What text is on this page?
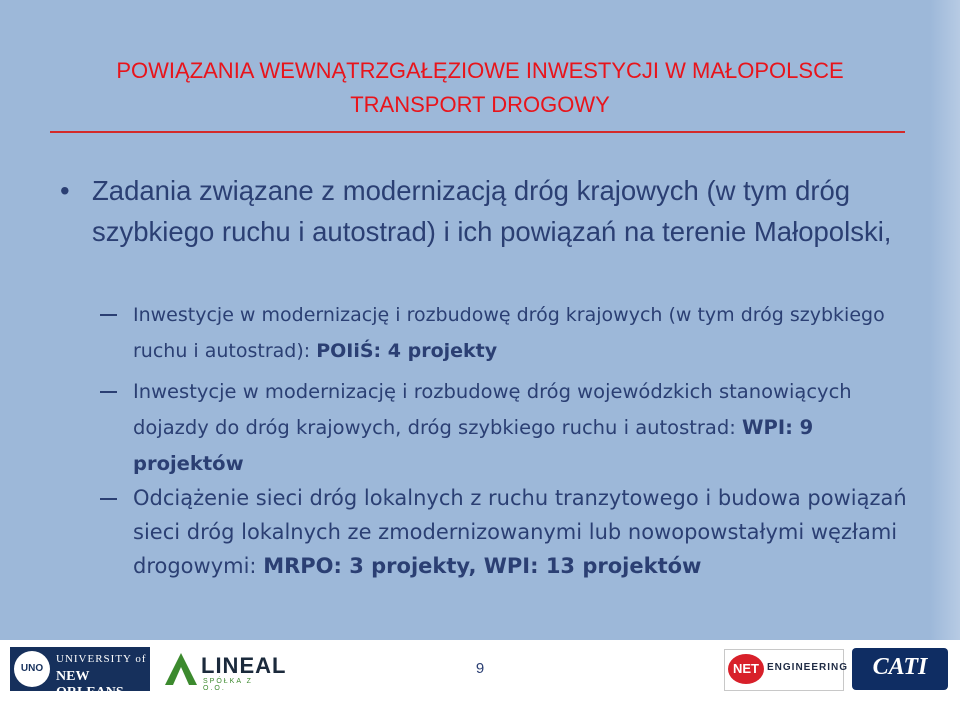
POWIĄZANIA WEWNĄTRZGAŁĘZIOWE INWESTYCJI W MAŁOPOLSCE
TRANSPORT DROGOWY
• Zadania związane z modernizacją dróg krajowych (w tym dróg szybkiego ruchu i autostrad) i ich powiązań na terenie Małopolski,
Inwestycje w modernizację i rozbudowę dróg krajowych (w tym dróg szybkiego ruchu i autostrad): POIiŚ: 4 projekty
Inwestycje w modernizację i rozbudowę dróg wojewódzkich stanowiących dojazdy do dróg krajowych, dróg szybkiego ruchu i autostrad: WPI: 9 projektów
Odciążenie sieci dróg lokalnych z ruchu tranzytowego i budowa powiązań sieci dróg lokalnych ze zmodernizowanymi lub nowopowstałymi węzłami drogowymi: MRPO: 3 projekty, WPI: 13 projektów
UNO
UNIVERSITY of
NEW ORLEANS
LINEAL
SPÓŁKA Z O.O.
9	NET ENGINEERING	CATI
